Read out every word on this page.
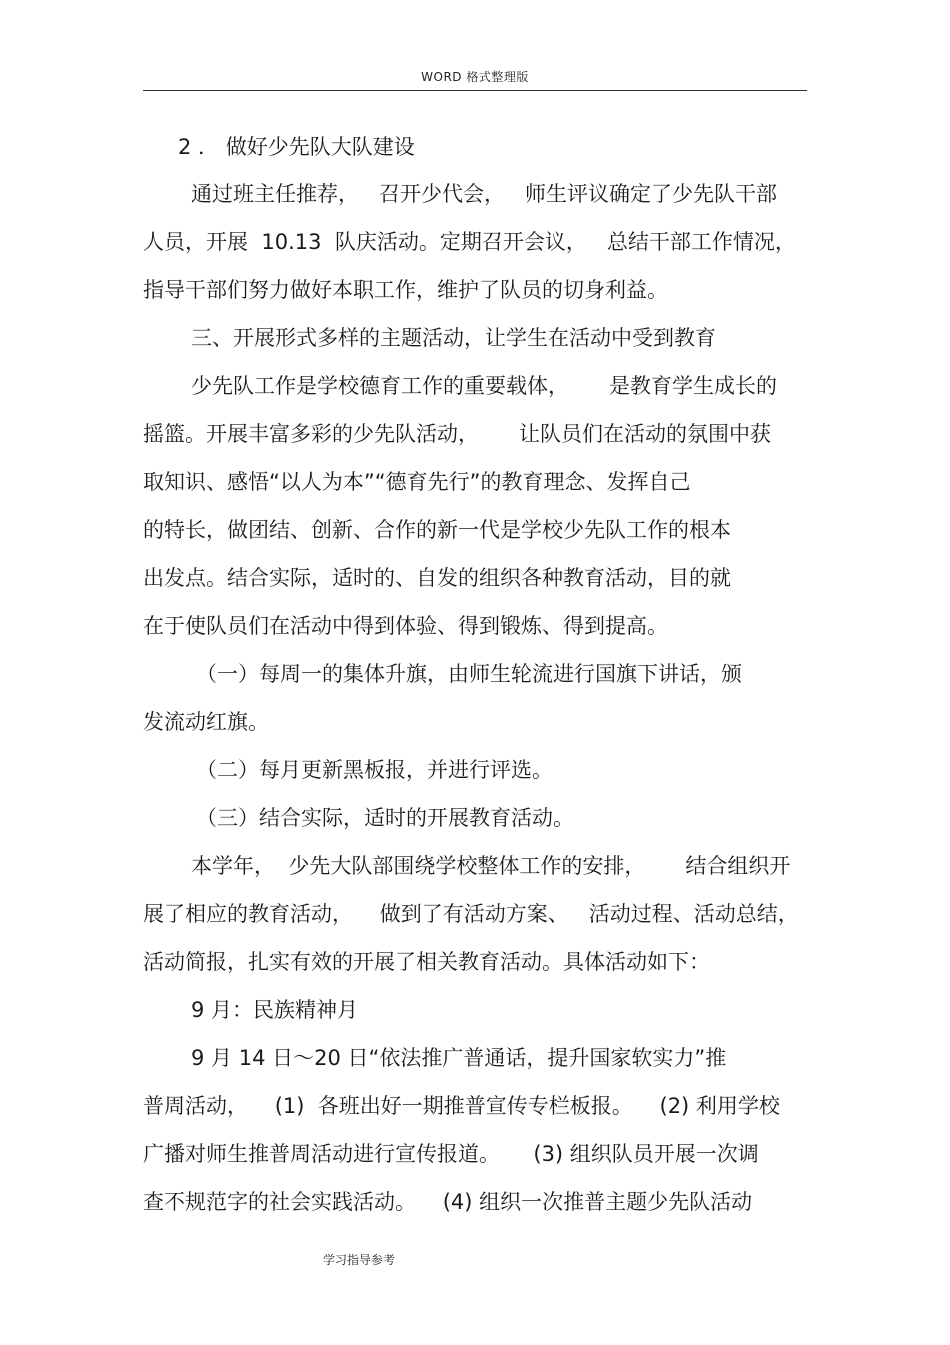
WORD 格式整理版
2 ． 做好少先队大队建设
通过班主任推荐，   召开少代会，   师生评议确定了少先队干部
人员，开展  10.13  队庆活动。定期召开会议，   总结干部工作情况，
指导干部们努力做好本职工作，维护了队员的切身利益。
三、开展形式多样的主题活动，让学生在活动中受到教育
少先队工作是学校德育工作的重要载体，      是教育学生成长的
摇篮。开展丰富多彩的少先队活动，      让队员们在活动的氛围中获
取知识、感悟“以人为本”“德育先行”的教育理念、发挥自己
的特长，做团结、创新、合作的新一代是学校少先队工作的根本
出发点。结合实际，适时的、自发的组织各种教育活动，目的就
在于使队员们在活动中得到体验、得到锻炼、得到提高。
（一）每周一的集体升旗，由师生轮流进行国旗下讲话，颁
发流动红旗。
（二）每月更新黑板报，并进行评选。
（三）结合实际，适时的开展教育活动。
本学年，  少先大队部围绕学校整体工作的安排，      结合组织开
展了相应的教育活动，    做到了有活动方案、   活动过程、活动总结，
活动简报，扎实有效的开展了相关教育活动。具体活动如下：
9 月：民族精神月
9 月 14 日～20 日“依法推广普通话，提升国家软实力”推
普周活动，    (1)  各班出好一期推普宣传专栏板报。    (2) 利用学校
广播对师生推普周活动进行宣传报道。     (3) 组织队员开展一次调
查不规范字的社会实践活动。    (4) 组织一次推普主题少先队活动
学习指导参考
